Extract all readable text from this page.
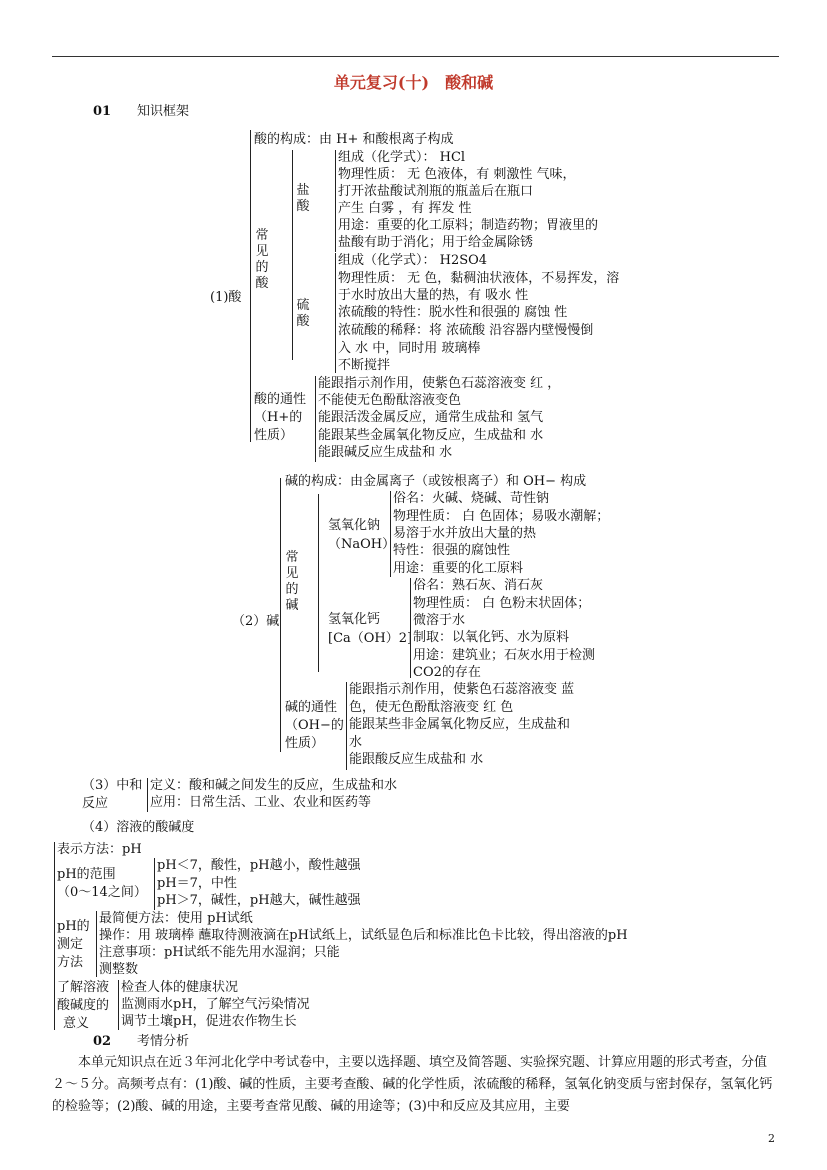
单元复习(十)　酸和碱
01 知识框架
(1)酸
酸的构成：由 H+ 和酸根离子构成
常见的酸
盐酸
组成（化学式）： HCl
物理性质： 无 色液体，有 刺激性 气味，
打开浓盐酸试剂瓶的瓶盖后在瓶口
产生 白雾 ，有 挥发 性
用途：重要的化工原料；制造药物；胃液里的
盐酸有助于消化；用于给金属除锈
硫酸
组成（化学式）： H2SO4
物理性质： 无 色，黏稠油状液体，不易挥发，溶
于水时放出大量的热，有 吸水 性
浓硫酸的特性：脱水性和很强的 腐蚀 性
浓硫酸的稀释：将 浓硫酸 沿容器内壁慢慢倒
入 水 中，同时用 玻璃棒
不断搅拌
酸的通性
（H+的
性质）
能跟指示剂作用，使紫色石蕊溶液变 红 ，
不能使无色酚酞溶液变色
能跟活泼金属反应，通常生成盐和 氢气
能跟某些金属氧化物反应，生成盐和 水
能跟碱反应生成盐和 水
（2）碱
碱的构成：由金属离子（或铵根离子）和 OH− 构成
常见的碱
氢氧化钠
（NaOH）
俗名：火碱、烧碱、苛性钠
物理性质： 白 色固体；易吸水潮解；
易溶于水并放出大量的热
特性：很强的腐蚀性
用途：重要的化工原料
氢氧化钙
[Ca（OH）2]
俗名：熟石灰、消石灰
物理性质： 白 色粉末状固体；
微溶于水
制取：以氧化钙、水为原料
用途：建筑业；石灰水用于检测
CO2的存在
碱的通性
（OH−的
性质）
能跟指示剂作用，使紫色石蕊溶液变 蓝
色，使无色酚酞溶液变 红 色
能跟某些非金属氧化物反应，生成盐和
水
能跟酸反应生成盐和 水
（3）中和
反应
定义：酸和碱之间发生的反应，生成盐和水
应用：日常生活、工业、农业和医药等
（4）溶液的酸碱度
表示方法：pH
pH的范围
（0～14之间）
pH＜7，酸性，pH越小，酸性越强
pH＝7，中性
pH＞7，碱性，pH越大，碱性越强
pH的
测定
方法
最简便方法：使用 pH试纸
操作：用 玻璃棒 蘸取待测液滴在pH试纸上，试纸显色后和标准比色卡比较，得出溶液的pH
注意事项：pH试纸不能先用水湿润；只能
测整数
了解溶液
酸碱度的
意义
检查人体的健康状况
监测雨水pH，了解空气污染情况
调节土壤pH，促进农作物生长
02 考情分析
本单元知识点在近３年河北化学中考试卷中，主要以选择题、填空及简答题、实验探究题、计算应用题的形式考查，分值２～５分。高频考点有：(1)酸、碱的性质，主要考查酸、碱的化学性质，浓硫酸的稀释，氢氧化钠变质与密封保存，氢氧化钙的检验等；(2)酸、碱的用途，主要考查常见酸、碱的用途等；(3)中和反应及其应用，主要
2
